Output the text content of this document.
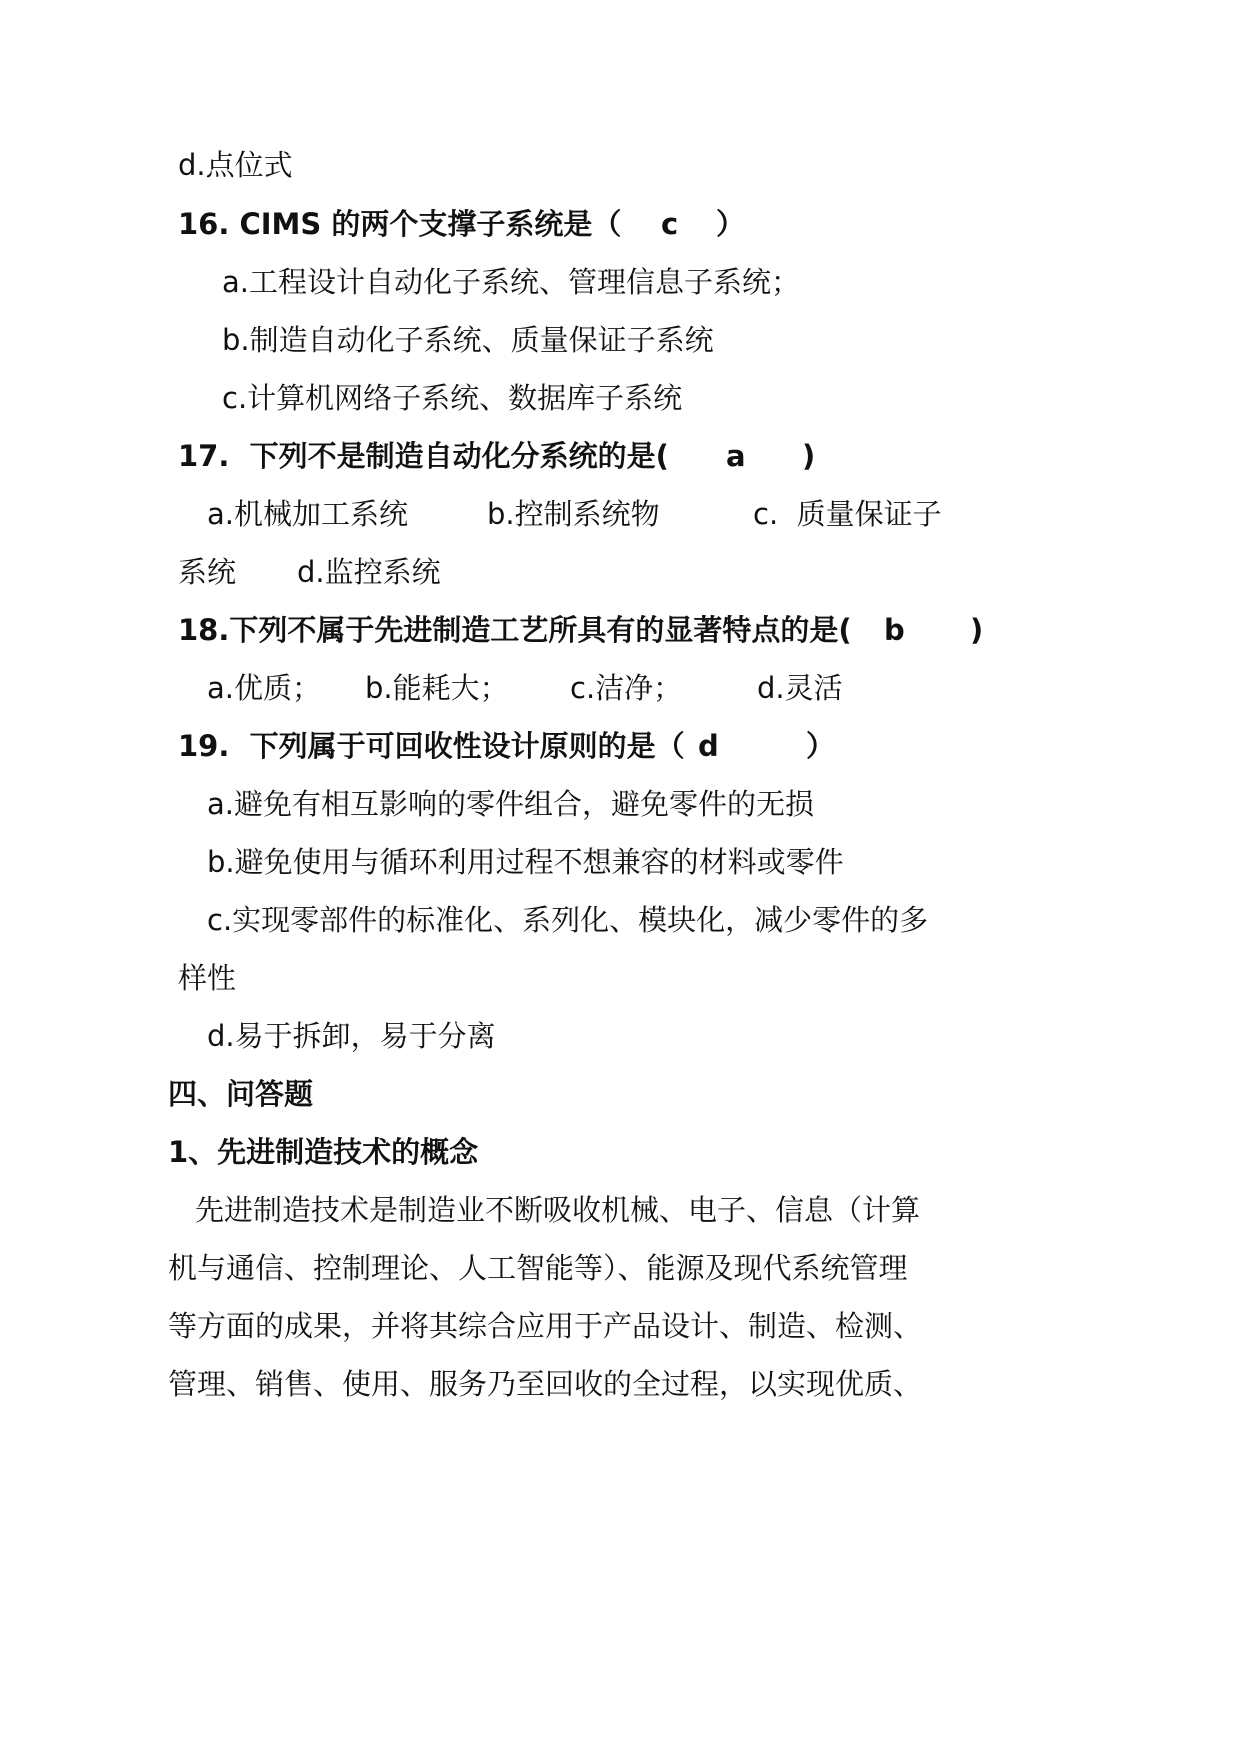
d.点位式
16. CIMS 的两个支撑子系统是（ c ）
a.工程设计自动化子系统、管理信息子系统；
b.制造自动化子系统、质量保证子系统
c.计算机网络子系统、数据库子系统
17.  下列不是制造自动化分系统的是( a )
a.机械加工系统	b.控制系统物	c.  质量保证子
系统 d.监控系统
18.下列不属于先进制造工艺所具有的显著特点的是( b )
a.优质； b.能耗大； c.洁净；	d.灵活
19.  下列属于可回收性设计原则的是（ d	）
a.避免有相互影响的零件组合，避免零件的无损
b.避免使用与循环利用过程不想兼容的材料或零件
c.实现零部件的标准化、系列化、模块化，减少零件的多
样性
d.易于拆卸，易于分离
四、问答题
1、先进制造技术的概念
先进制造技术是制造业不断吸收机械、电子、信息（计算
机与通信、控制理论、人工智能等）、能源及现代系统管理
等方面的成果，并将其综合应用于产品设计、制造、检测、
管理、销售、使用、服务乃至回收的全过程，以实现优质、
